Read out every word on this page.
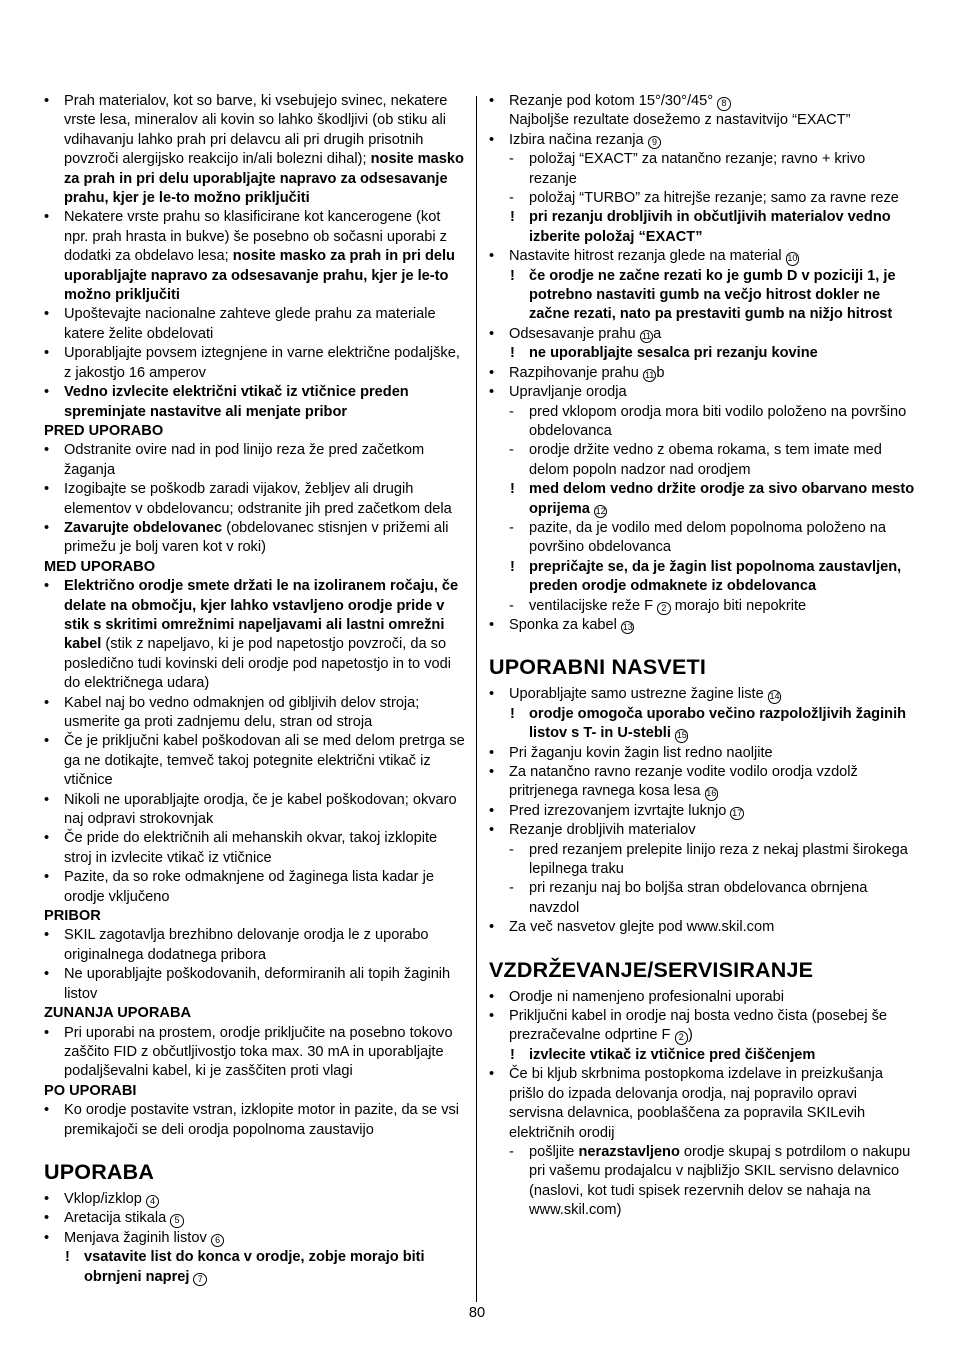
• Prah materialov, kot so barve, ki vsebujejo svinec, nekatere vrste lesa, mineralov ali kovin so lahko škodljivi (ob stiku ali vdihavanju lahko prah pri delavcu ali pri drugih prisotnih povzroči alergijsko reakcijo in/ali bolezni dihal); nosite masko za prah in pri delu uporabljajte napravo za odsesavanje prahu, kjer je le-to možno priključiti
• Nekatere vrste prahu so klasificirane kot kancerogene (kot npr. prah hrasta in bukve) še posebno ob sočasni uporabi z dodatki za obdelavo lesa; nosite masko za prah in pri delu uporabljajte napravo za odsesavanje prahu, kjer je le-to možno priključiti
• Upoštevajte nacionalne zahteve glede prahu za materiale katere želite obdelovati
• Uporabljajte povsem iztegnjene in varne električne podaljške, z jakostjo 16 amperov
• Vedno izvlecite električni vtikač iz vtičnice preden spreminjate nastavitve ali menjate pribor
PRED UPORABO
• Odstranite ovire nad in pod linijo reza že pred začetkom žaganja
• Izogibajte se poškodb zaradi vijakov, žebljev ali drugih elementov v obdelovancu; odstranite jih pred začetkom dela
• Zavarujte obdelovanec (obdelovanec stisnjen v prižemi ali primežu je bolj varen kot v roki)
MED UPORABO
• Električno orodje smete držati le na izoliranem ročaju, če delate na območju, kjer lahko vstavljeno orodje pride v stik s skritimi omrežnimi napeljavami ali lastni omrežni kabel (stik z napeljavo, ki je pod napetostjo povzroči, da so posledično tudi kovinski deli orodje pod napetostjo in to vodi do električnega udara)
• Kabel naj bo vedno odmaknjen od gibljivih delov stroja; usmerite ga proti zadnjemu delu, stran od stroja
• Če je priključni kabel poškodovan ali se med delom pretrga se ga ne dotikajte, temveč takoj potegnite električni vtikač iz vtičnice
• Nikoli ne uporabljajte orodja, če je kabel poškodovan; okvaro naj odpravi strokovnjak
• Če pride do električnih ali mehanskih okvar, takoj izklopite stroj in izvlecite vtikač iz vtičnice
• Pazite, da so roke odmaknjene od žaginega lista kadar je orodje vključeno
PRIBOR
• SKIL zagotavlja brezhibno delovanje orodja le z uporabo originalnega dodatnega pribora
• Ne uporabljajte poškodovanih, deformiranih ali topih žaginih listov
ZUNANJA UPORABA
• Pri uporabi na prostem, orodje priključite na posebno tokovo zaščito FID z občutljivostjo toka max. 30 mA in uporabljajte podaljševalni kabel, ki je zasščiten proti vlagi
PO UPORABI
• Ko orodje postavite vstran, izklopite motor in pazite, da se vsi premikajoči se deli orodja popolnoma zaustavijo
UPORABA
• Vklop/izklop 4
• Aretacija stikala 5
• Menjava žaginih listov 6
! vsatavite list do konca v orodje, zobje morajo biti obrnjeni naprej 7
• Rezanje pod kotom 15°/30°/45° 8
Najboljše rezultate dosežemo z nastavitvijo “EXACT”
• Izbira načina rezanja 9
- položaj “EXACT” za natančno rezanje; ravno + krivo rezanje
- položaj “TURBO” za hitrejše rezanje; samo za ravne reze
! pri rezanju drobljivih in občutljivih materialov vedno izberite položaj “EXACT”
• Nastavite hitrost rezanja glede na material 10
! če orodje ne začne rezati ko je gumb D v poziciji 1, je potrebno nastaviti gumb na večjo hitrost dokler ne začne rezati, nato pa prestaviti gumb na nižjo hitrost
• Odsesavanje prahu 11 a
! ne uporabljajte sesalca pri rezanju kovine
• Razpihovanje prahu 11 b
• Upravljanje orodja
- pred vklopom orodja mora biti vodilo položeno na površino obdelovanca
- orodje držite vedno z obema rokama, s tem imate med delom popoln nadzor nad orodjem
! med delom vedno držite orodje za sivo obarvano mesto oprijema 12
- pazite, da je vodilo med delom popolnoma položeno na površino obdelovanca
! prepričajte se, da je žagin list popolnoma zaustavljen, preden orodje odmaknete iz obdelovanca
- ventilacijske reže F 2 morajo biti nepokrite
• Sponka za kabel 13
UPORABNI NASVETI
• Uporabljajte samo ustrezne žagine liste 14
! orodje omogoča uporabo večino razpoložljivih žaginih listov s T- in U-stebli 15
• Pri žaganju kovin žagin list redno naoljite
• Za natančno ravno rezanje vodite vodilo orodja vzdolž pritrjenega ravnega kosa lesa 16
• Pred izrezovanjem izvrtajte luknjo 17
• Rezanje drobljivih materialov
- pred rezanjem prelepite linijo reza z nekaj plastmi širokega lepilnega traku
- pri rezanju naj bo boljša stran obdelovanca obrnjena navzdol
• Za več nasvetov glejte pod www.skil.com
VZDRŽEVANJE/SERVISIRANJE
• Orodje ni namenjeno profesionalni uporabi
• Priključni kabel in orodje naj bosta vedno čista (posebej še prezračevalne odprtine F 2 )
! izvlecite vtikač iz vtičnice pred čiščenjem
• Če bi kljub skrbnima postopkoma izdelave in preizkušanja prišlo do izpada delovanja orodja, naj popravilo opravi servisna delavnica, pooblaščena za popravila SKILevih električnih orodij
- pošljite nerazstavljeno orodje skupaj s potrdilom o nakupu pri vašemu prodajalcu v najbližjo SKIL servisno delavnico (naslovi, kot tudi spisek rezervnih delov se nahaja na www.skil.com)
80
